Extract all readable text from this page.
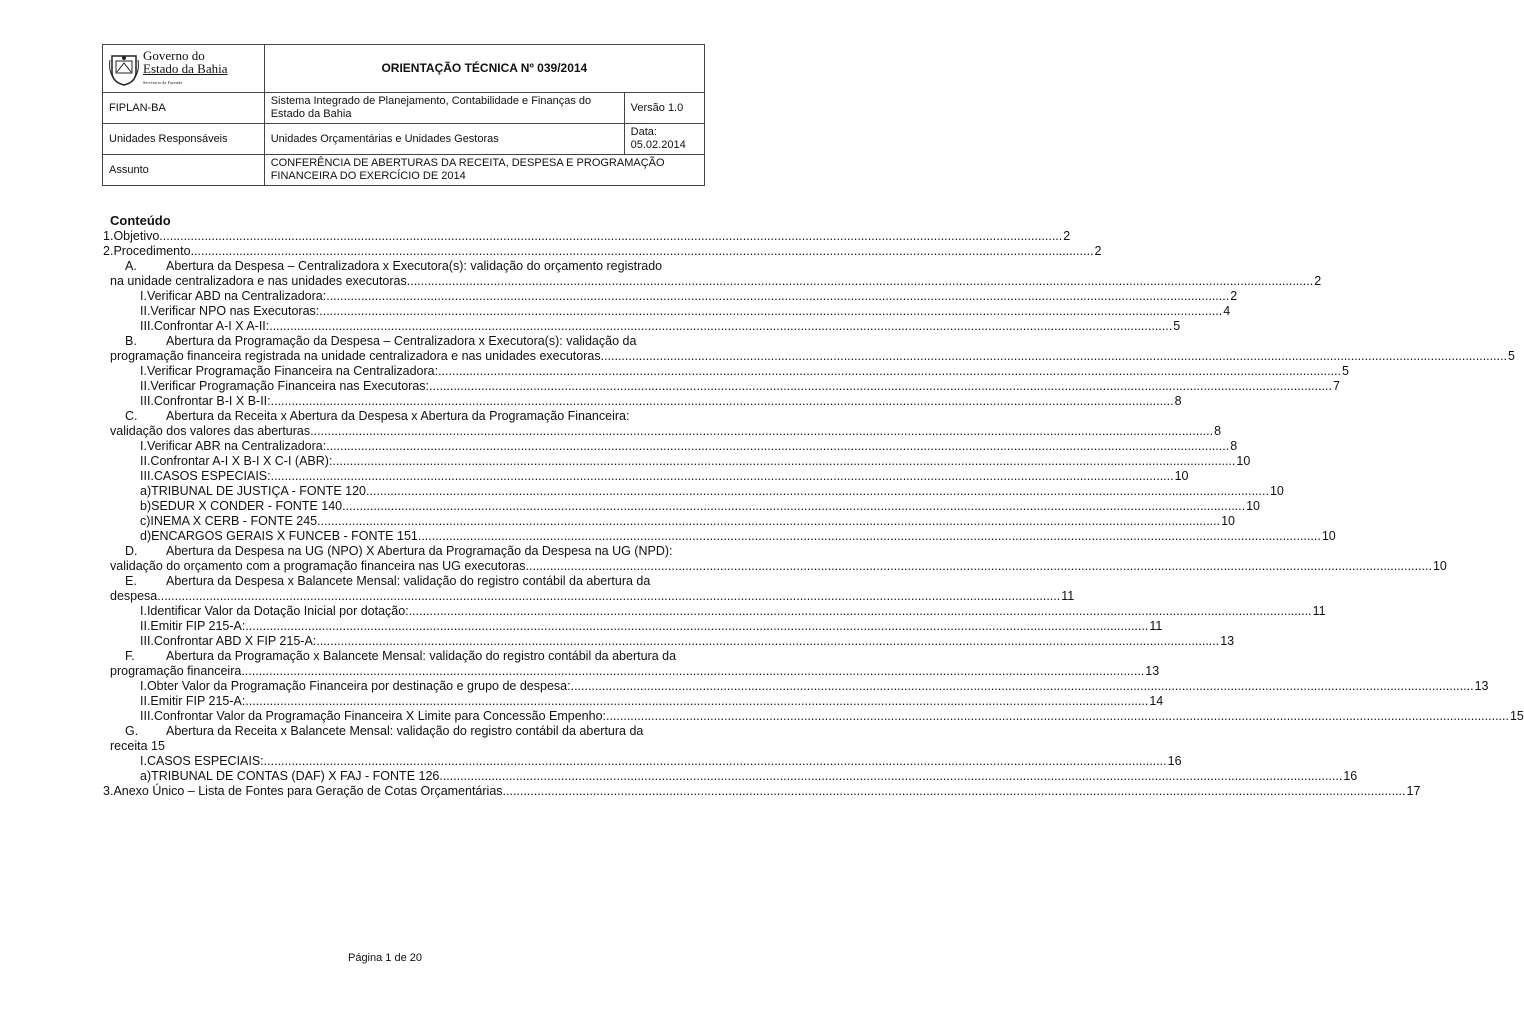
Governo do
Estado da Bahia
Secretaria da Fazenda	ORIENTAÇÃO TÉCNICA Nº 039/2014	
FIPLAN-BA	Sistema Integrado de Planejamento, Contabilidade e Finanças do Estado da Bahia	Versão 1.0
Unidades Responsáveis	Unidades Orçamentárias e Unidades Gestoras	Data: 05.02.2014
Assunto	CONFERÊNCIA DE ABERTURAS DA RECEITA, DESPESA E PROGRAMAÇÃO FINANCEIRA DO EXERCÍCIO DE 2014	
Conteúdo
1. Objetivo .....	2
2. Procedimento .....	2
A. Abertura da Despesa – Centralizadora x Executora(s): validação do orçamento registrado
na unidade centralizadora e nas unidades executoras. .....	2
I. Verificar ABD na Centralizadora: .....	2
II. Verificar NPO nas Executoras: .....	4
III. Confrontar A-I X A-II: .....	5
B. Abertura da Programação da Despesa – Centralizadora x Executora(s): validação da
programação financeira registrada na unidade centralizadora e nas unidades executoras. .....	5
I. Verificar Programação Financeira na Centralizadora: .....	5
II. Verificar Programação Financeira nas Executoras: .....	7
III. Confrontar B-I X B-II: .....	8
C. Abertura da Receita x Abertura da Despesa x Abertura da Programação Financeira:
validação dos valores das aberturas .....	8
I. Verificar ABR na Centralizadora: .....	8
II. Confrontar A-I X B-I X C-I (ABR): .....	10
III. CASOS ESPECIAIS: .....	10
a) TRIBUNAL DE JUSTIÇA - FONTE 120 .....	10
b) SEDUR X CONDER - FONTE 140 .....	10
c) INEMA X CERB - FONTE 245 .....	10
d) ENCARGOS GERAIS X FUNCEB - FONTE 151 .....	10
D. Abertura da Despesa na UG (NPO) X Abertura da Programação da Despesa na UG (NPD):
validação do orçamento com a programação financeira nas UG executoras. .....	10
E. Abertura da Despesa x Balancete Mensal: validação do registro contábil da abertura da
despesa .....	11
I. Identificar Valor da Dotação Inicial por dotação: .....	11
II. Emitir FIP 215-A: .....	11
III. Confrontar ABD X FIP 215-A: .....	13
F.	Abertura da Programação x Balancete Mensal: validação do registro contábil da abertura da
programação financeira .....	13
I. Obter Valor da Programação Financeira por destinação e grupo de despesa: .....	13
II. Emitir FIP 215-A: .....	14
III. Confrontar Valor da Programação Financeira X Limite para Concessão Empenho: .....	15
G. Abertura da Receita x Balancete Mensal: validação do registro contábil da abertura da
receita 15
I. CASOS ESPECIAIS: .....	16
a) TRIBUNAL DE CONTAS (DAF) X FAJ - FONTE 126 .....	16
3. Anexo Único – Lista de Fontes para Geração de Cotas Orçamentárias .....	17
Página 1 de 20
